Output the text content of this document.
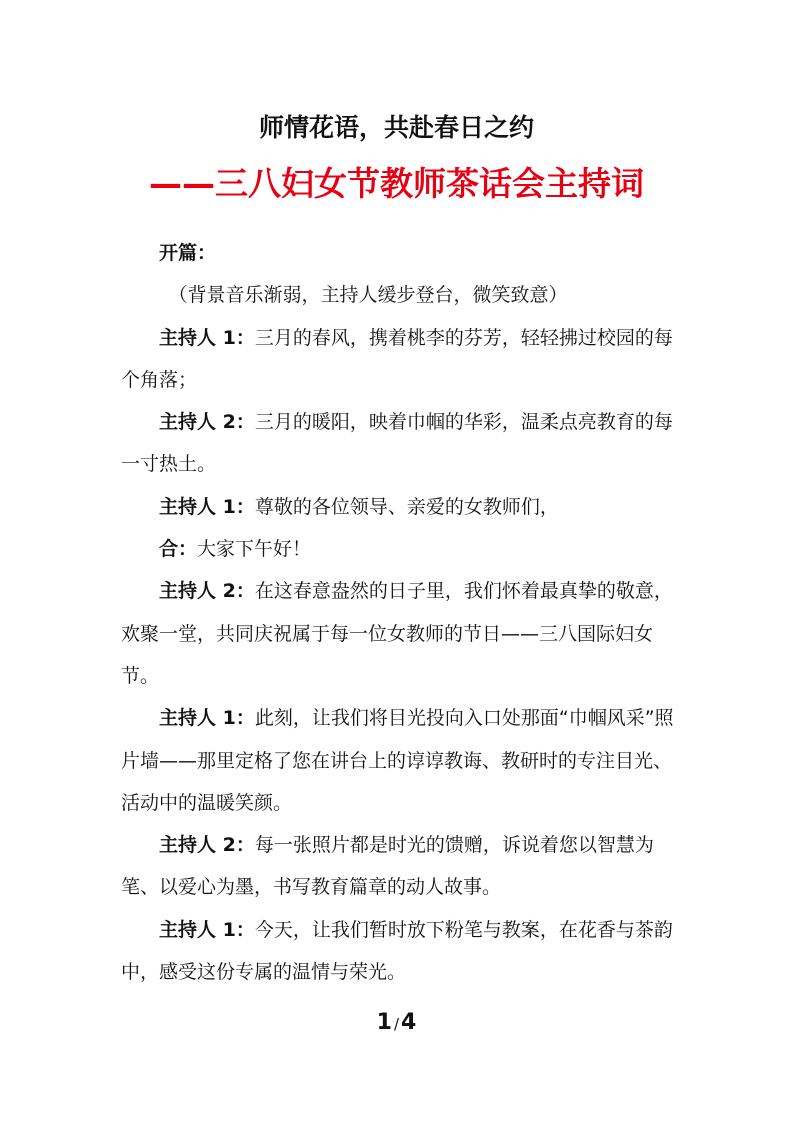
师情花语，共赴春日之约
——三八妇女节教师茶话会主持词

开篇：

（背景音乐渐弱，主持人缓步登台，微笑致意）

主持人 1：三月的春风，携着桃李的芬芳，轻轻拂过校园的每个角落；

主持人 2：三月的暖阳，映着巾帼的华彩，温柔点亮教育的每一寸热土。

主持人 1：尊敬的各位领导、亲爱的女教师们，

合：大家下午好！

主持人 2：在这春意盎然的日子里，我们怀着最真挚的敬意，欢聚一堂，共同庆祝属于每一位女教师的节日——三八国际妇女节。

主持人 1：此刻，让我们将目光投向入口处那面“巾帼风采”照片墙——那里定格了您在讲台上的谆谆教诲、教研时的专注目光、活动中的温暖笑颜。

主持人 2：每一张照片都是时光的馈赠，诉说着您以智慧为笔、以爱心为墨，书写教育篇章的动人故事。

主持人 1：今天，让我们暂时放下粉笔与教案，在花香与茶韵中，感受这份专属的温情与荣光。

1 /4
